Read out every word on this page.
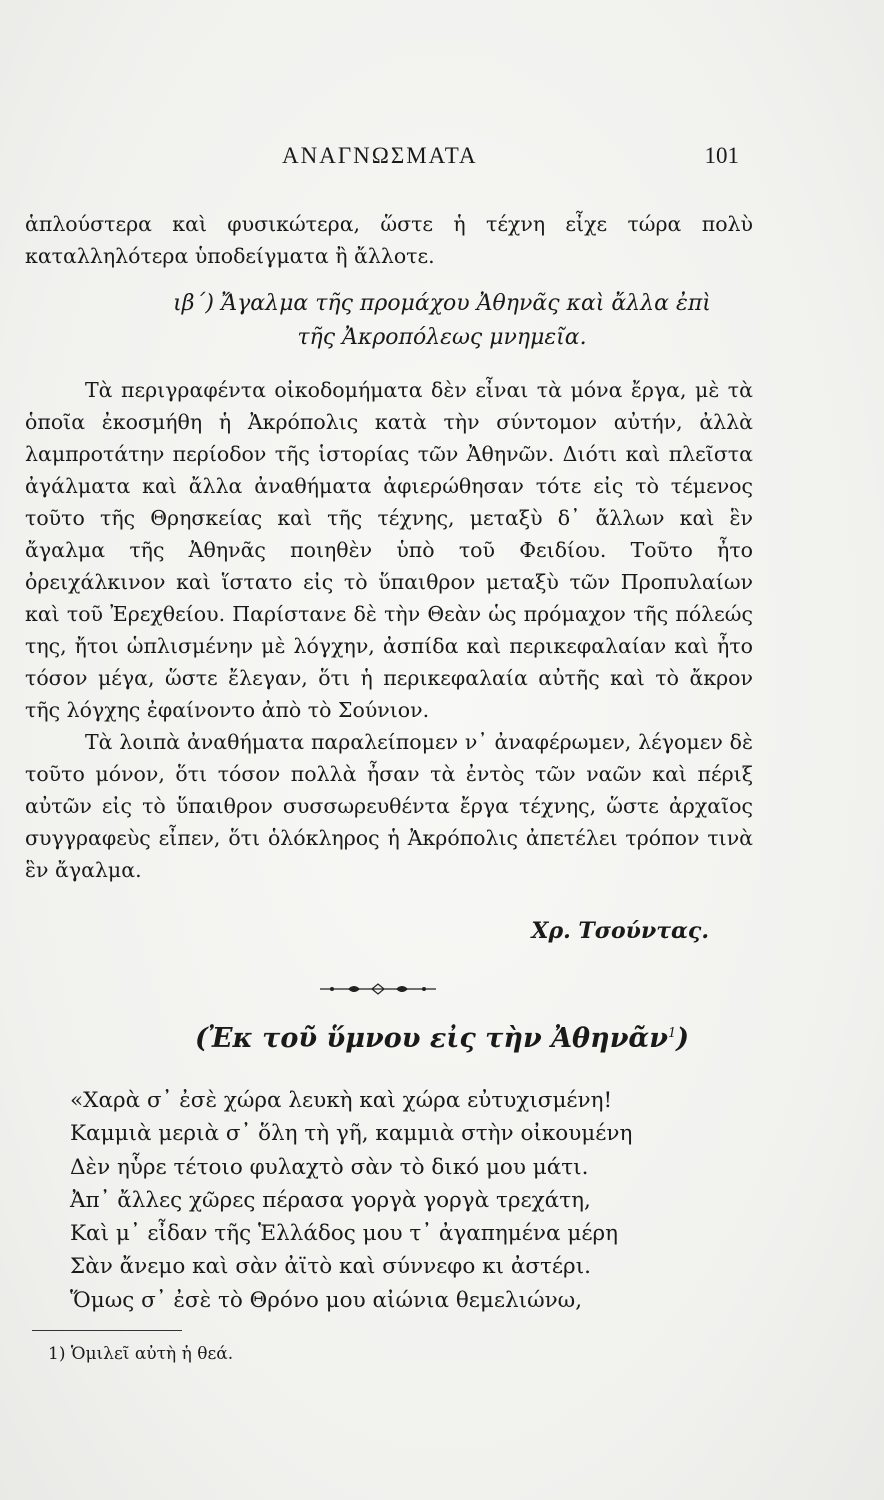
ΑΝΑΓΝΩΣΜΑΤΑ	101

ἁπλούστερα καὶ φυσικώτερα, ὥστε ἡ τέχνη εἶχε τώρα πολὺ καταλληλότερα ὑποδείγματα ἢ ἄλλοτε.

ιβ΄) Ἄγαλμα τῆς προμάχου Ἀθηνᾶς καὶ ἄλλα ἐπὶ
τῆς Ἀκροπόλεως μνημεῖα.

Τὰ περιγραφέντα οἰκοδομήματα δὲν εἶναι τὰ μόνα ἔργα, μὲ τὰ ὁποῖα ἐκοσμήθη ἡ Ἀκρόπολις κατὰ τὴν σύντομον αὐτήν, ἀλλὰ λαμπροτάτην περίοδον τῆς ἱστορίας τῶν Ἀθηνῶν. Διότι καὶ πλεῖστα ἀγάλματα καὶ ἄλλα ἀναθήματα ἀφιερώθησαν τότε εἰς τὸ τέμενος τοῦτο τῆς Θρησκείας καὶ τῆς τέχνης, μεταξὺ δ᾽ ἄλλων καὶ ἓν ἄγαλμα τῆς Ἀθηνᾶς ποιηθὲν ὑπὸ τοῦ Φειδίου. Τοῦτο ἦτο ὀρειχάλκινον καὶ ἵστατο εἰς τὸ ὕπαιθρον μεταξὺ τῶν Προπυλαίων καὶ τοῦ Ἐρεχθείου. Παρίστανε δὲ τὴν Θεὰν ὡς πρόμαχον τῆς πόλεώς της, ἤτοι ὡπλισμένην μὲ λόγχην, ἀσπίδα καὶ περικεφαλαίαν καὶ ἦτο τόσον μέγα, ὥστε ἔλεγαν, ὅτι ἡ περικεφαλαία αὐτῆς καὶ τὸ ἄκρον τῆς λόγχης ἐφαίνοντο ἀπὸ τὸ Σούνιον.

Τὰ λοιπὰ ἀναθήματα παραλείπομεν ν᾽ ἀναφέρωμεν, λέγομεν δὲ τοῦτο μόνον, ὅτι τόσον πολλὰ ἦσαν τὰ ἐντὸς τῶν ναῶν καὶ πέριξ αὐτῶν εἰς τὸ ὕπαιθρον συσσωρευθέντα ἔργα τέχνης, ὥστε ἀρχαῖος συγγραφεὺς εἶπεν, ὅτι ὁλόκληρος ἡ Ἀκρόπολις ἀπετέλει τρόπον τινὰ ἓν ἄγαλμα.

Χρ. Τσούντας.
(Ἐκ τοῦ ὕμνου εἰς τὴν Ἀθηνᾶν$^1$)
«Χαρὰ σ᾽ ἐσὲ χώρα λευκὴ καὶ χώρα εὐτυχισμένη!
Καμμιὰ μεριὰ σ᾽ ὅλη τὴ γῆ, καμμιὰ στὴν οἰκουμένη
Δὲν ηὗρε τέτοιο φυλαχτὸ σὰν τὸ δικό μου μάτι.
Ἀπ᾽ ἄλλες χῶρες πέρασα γοργὰ γοργὰ τρεχάτη,
Καὶ μ᾽ εἶδαν τῆς Ἑλλάδος μου τ᾽ ἀγαπημένα μέρη
Σὰν ἄνεμο καὶ σὰν ἀϊτὸ καὶ σύννεφο κι ἀστέρι.
Ὅμως σ᾽ ἐσὲ τὸ Θρόνο μου αἰώνια θεμελιώνω,
1) Ὁμιλεῖ αὐτὴ ἡ θεά.
